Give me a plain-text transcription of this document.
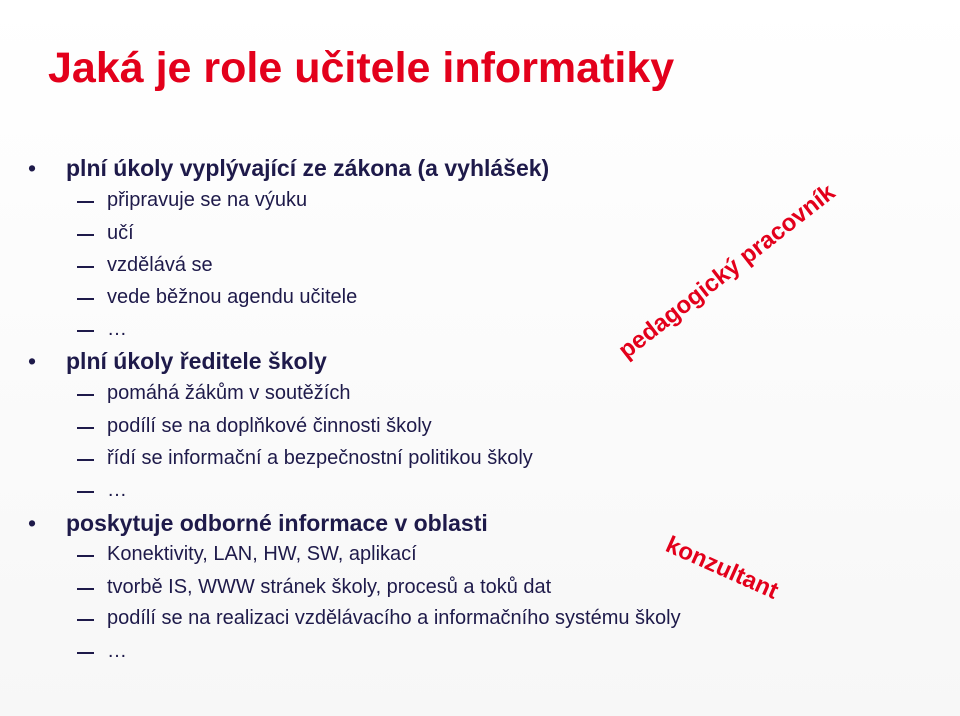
Jaká je role učitele informatiky
• plní úkoly vyplývající ze zákona (a vyhlášek)
připravuje se na výuku
učí
vzdělává se
vede běžnou agendu učitele
…
• plní úkoly ředitele školy
pomáhá žákům v soutěžích
podílí se na doplňkové činnosti školy
řídí se informační a bezpečnostní politikou školy
…
• poskytuje odborné informace v oblasti
Konektivity, LAN, HW, SW, aplikací
tvorbě IS, WWW stránek školy, procesů a toků dat
podílí se na realizaci vzdělávacího a informačního systému školy
…
pedagogický pracovník
konzultant
